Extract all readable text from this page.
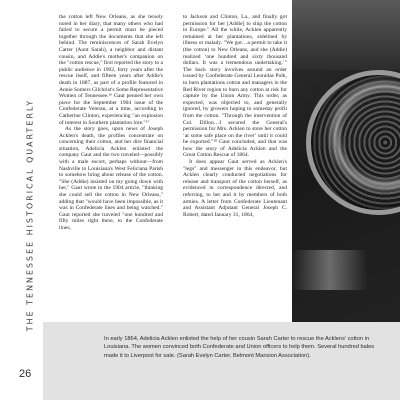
THE TENNESSEE HISTORICAL QUARTERLY

the cotton left New Orleans, as she tersely noted in her diary, that many others who had failed to secure a permit must be pieced together through the documents that she left behind. The reminiscences of Sarah Evelyn Carter (Aunt Sarah), a neighbor and distant cousin, and Addie's mother's companion on the "cotton rescue," first reported the story to a public audience in 1902, forty years after the rescue itself, and fifteen years after Addie's death in 1887, as part of a profile featured in Annie Somers Gilchrist's Some Representative Women of Tennessee.¹⁶ Gaut penned her own piece for the September 1904 issue of the Confederate Veteran, at a time, according to Catherine Clinton, experiencing "an explosion of interest in Southern plantation lore."¹⁷

As the story goes, upon news of Joseph Acklen's death, the profiles concentrate on concerning their cotton, and her dire financial situation, Adelicia Acklen enlisted the company Gaut and the two traveled—possibly with a male escort, perhaps without—from Nashville to Louisiana's West Feliciana Parish to somehow bring about release of the cotton. "She (Addie) insisted on my going down with her," Gaut wrote in the 1904 article, "thinking she could sell the cotton in New Orleans," adding that "would have been impossible, as it was in Confederate lines and being watched." Gaut reported she traveled "one hundred and fifty miles right there, to the Confederate lines,

to Jackson and Clinton, La., and finally got permission for her [Addie] to ship the cotton to Europe." All the while, Acklen apparently remained at her plantations, sidelined by illness or malady. "We got…a permit to take it (the cotton) to New Orleans, and she (Addie) realized ‘one hundred and sixty thousand dollars. It was a tremendous undertaking.’" The back story involves around an order issued by Confederate General Leonidas Polk, to burn plantations cotton and managers in the Red River region to burn any cotton at risk for capture by the Union Army. This order, as expected, was objected to, and generally ignored, by growers hoping to someday profit from the cotton. "Through the intervention of Col. Dillon…I secured the General's permission for Mrs. Acklen to store her cotton ‘at some safe place on the river’ until it could be exported."¹⁸ Gaut concluded, and that was how the story of Adelicia Acklen and the Great Cotton Rescue of 1864.

It does appear Gaut served as Acklen's "legs" and messenger in this endeavor, but Acklen clearly conducted negotiations for release and transport of the cotton herself, as evidenced in correspondence directed, and referring, to her and it by members of both armies. A letter from Confederate Lieutenant and Assistant Adjutant General Joseph C. Robert, dated January 31, 1864,

In early 1864, Adelicia Acklen enlisted the help of her cousin Sarah Carter to rescue the Acklens' cotton in Louisiana. The women convinced both Confederate and Union officers to help them. Several hundred bales made it to Liverpool for sale. (Sarah Evelyn Carter, Belmont Mansion Association).

26
